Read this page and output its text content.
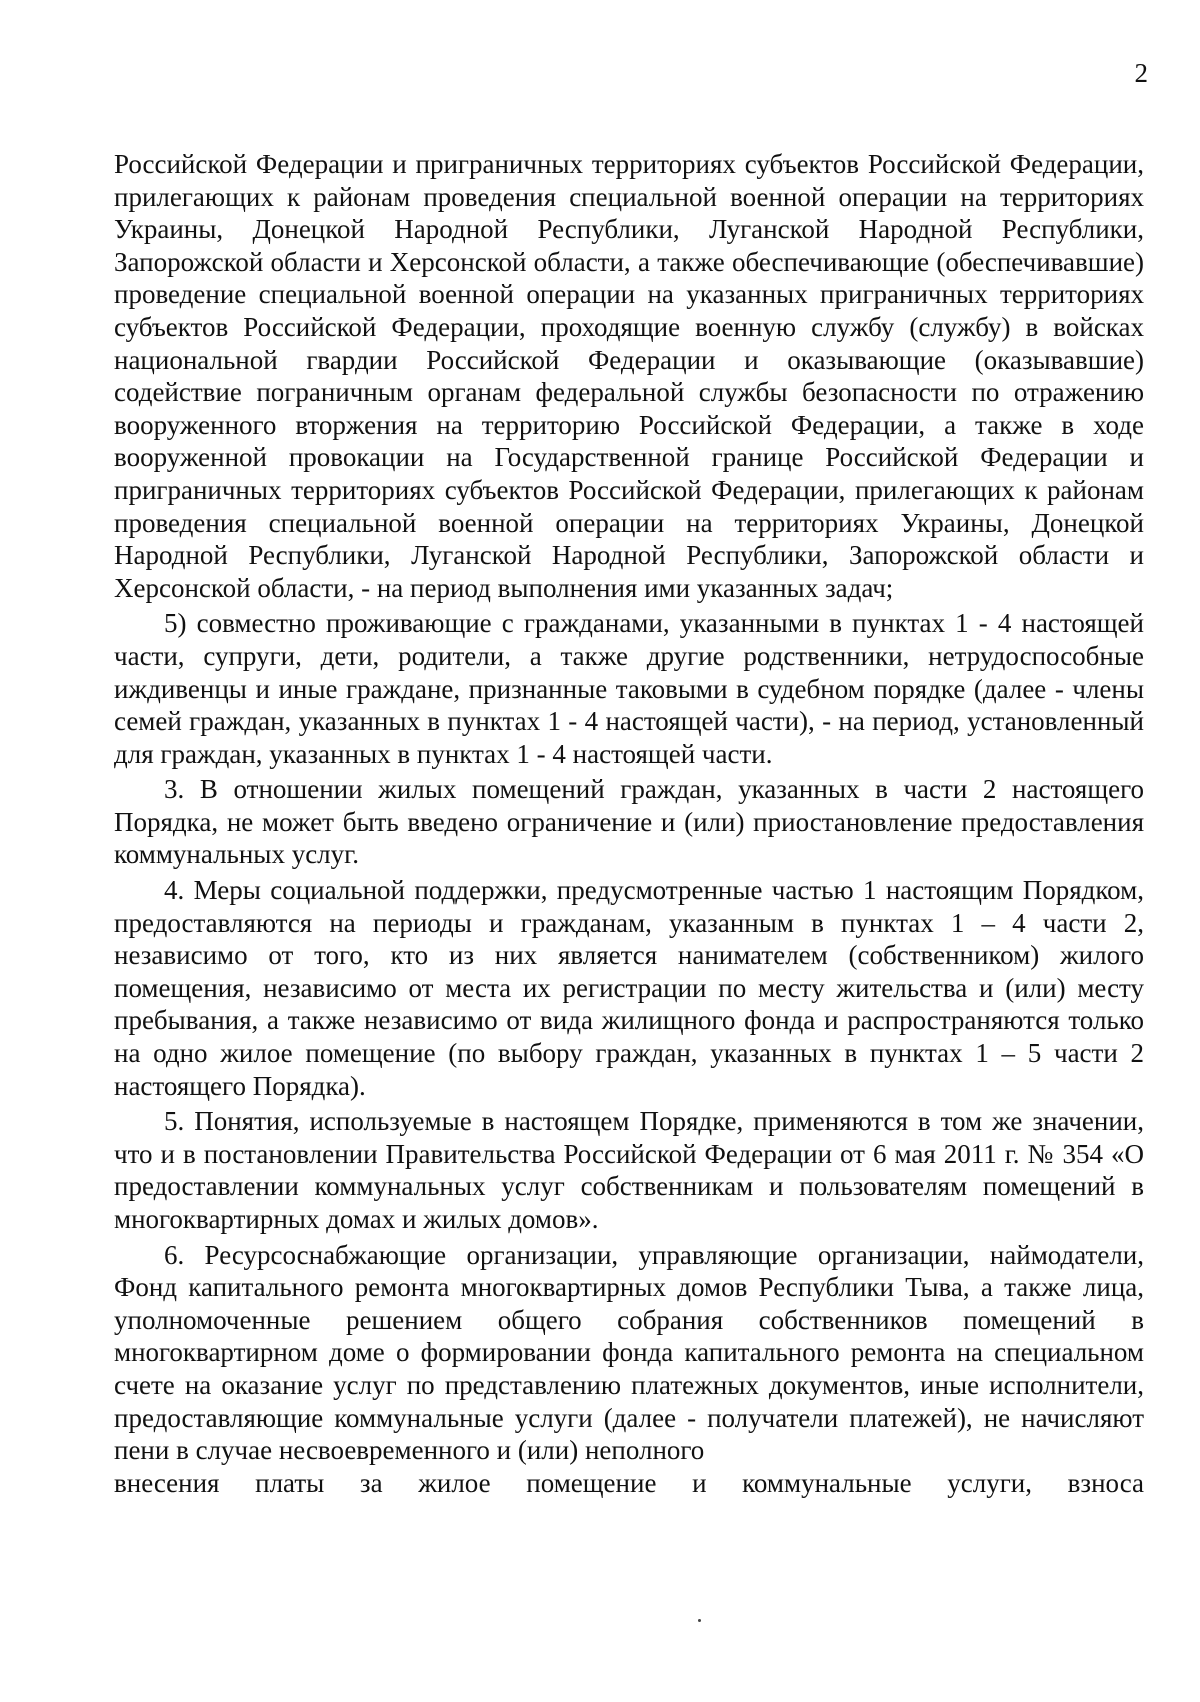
2

Российской Федерации и приграничных территориях субъектов Российской Федерации, прилегающих к районам проведения специальной военной операции на территориях Украины, Донецкой Народной Республики, Луганской Народной Республики, Запорожской области и Херсонской области, а также обеспечивающие (обеспечивавшие) проведение специальной военной операции на указанных приграничных территориях субъектов Российской Федерации, проходящие военную службу (службу) в войсках национальной гвардии Российской Федерации и оказывающие (оказывавшие) содействие пограничным органам федеральной службы безопасности по отражению вооруженного вторжения на территорию Российской Федерации, а также в ходе вооруженной провокации на Государственной границе Российской Федерации и приграничных территориях субъектов Российской Федерации, прилегающих к районам проведения специальной военной операции на территориях Украины, Донецкой Народной Республики, Луганской Народной Республики, Запорожской области и Херсонской области, - на период выполнения ими указанных задач;

5) совместно проживающие с гражданами, указанными в пунктах 1 - 4 настоящей части, супруги, дети, родители, а также другие родственники, нетрудоспособные иждивенцы и иные граждане, признанные таковыми в судебном порядке (далее - члены семей граждан, указанных в пунктах 1 - 4 настоящей части), - на период, установленный для граждан, указанных в пунктах 1 - 4 настоящей части.

3. В отношении жилых помещений граждан, указанных в части 2 настоящего Порядка, не может быть введено ограничение и (или) приостановление предоставления коммунальных услуг.

4. Меры социальной поддержки, предусмотренные частью 1 настоящим Порядком, предоставляются на периоды и гражданам, указанным в пунктах 1 – 4 части 2, независимо от того, кто из них является нанимателем (собственником) жилого помещения, независимо от места их регистрации по месту жительства и (или) месту пребывания, а также независимо от вида жилищного фонда и распространяются только на одно жилое помещение (по выбору граждан, указанных в пунктах 1 – 5 части 2 настоящего Порядка).

5. Понятия, используемые в настоящем Порядке, применяются в том же значении, что и в постановлении Правительства Российской Федерации от 6 мая 2011 г. № 354 «О предоставлении коммунальных услуг собственникам и пользователям помещений в многоквартирных домах и жилых домов».

6. Ресурсоснабжающие организации, управляющие организации, наймодатели, Фонд капитального ремонта многоквартирных домов Республики Тыва, а также лица, уполномоченные решением общего собрания собственников помещений в многоквартирном доме о формировании фонда капитального ремонта на специальном счете на оказание услуг по представлению платежных документов, иные исполнители, предоставляющие коммунальные услуги (далее - получатели платежей), не начисляют пени в случае несвоевременного и (или) неполного

внесения платы за жилое помещение и коммунальные услуги, взноса
